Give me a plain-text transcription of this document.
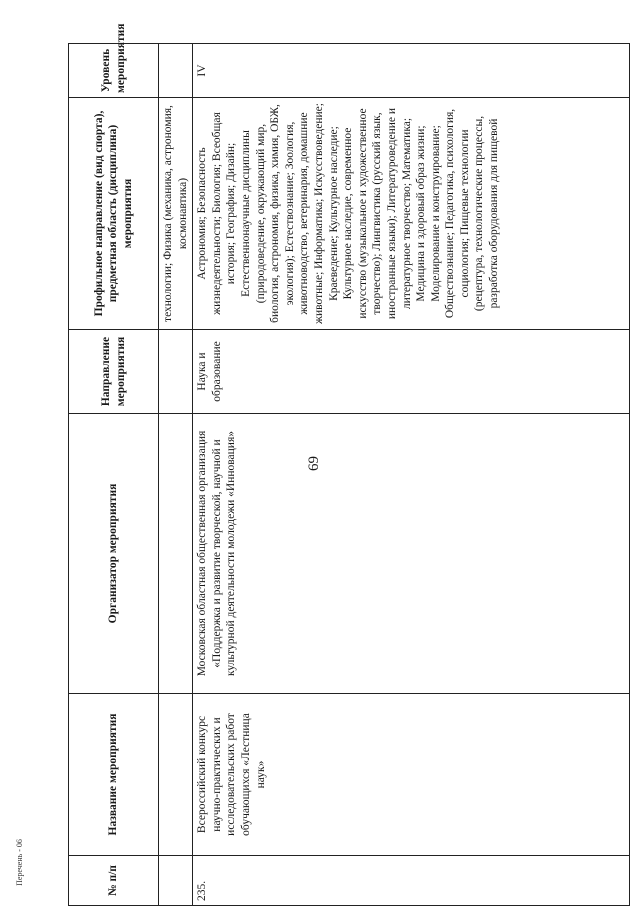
69
№ п/п	Название мероприятия	Организатор мероприятия	Направление мероприятия	Профильное направление (вид спорта), предметная область (дисциплина) мероприятия	Уровень мероприятия
				технологии; Физика (механика, астрономия, космонавтика)	
235.	Всероссийский конкурс научно-практических и исследовательских работ обучающихся «Лестница наук»	Московская областная общественная организация «Поддержка и развитие творческой, научной и культурной деятельности молодежи «Инновация»	Наука и образование	Астрономия; Безопасность жизнедеятельности; Биология; Всеобщая история; География; Дизайн; Естественнонаучные дисциплины (природоведение, окружающий мир, биология, астрономия, физика, химия, ОБЖ, экология); Естествознание; Зоология, животноводство, ветеринария, домашние животные; Информатика; Искусствоведение; Краеведение; Культурное наследие; Культурное наследие, современное искусство (музыкальное и художественное творчество); Лингвистика (русский язык, иностранные языки); Литературоведение и литературное творчество; Математика; Медицина и здоровый образ жизни; Моделирование и конструирование; Обществознание; Педагогика, психология, социология; Пищевые технологии (рецептура, технологические процессы, разработка оборудования для пищевой	IV
Перечень - 06
